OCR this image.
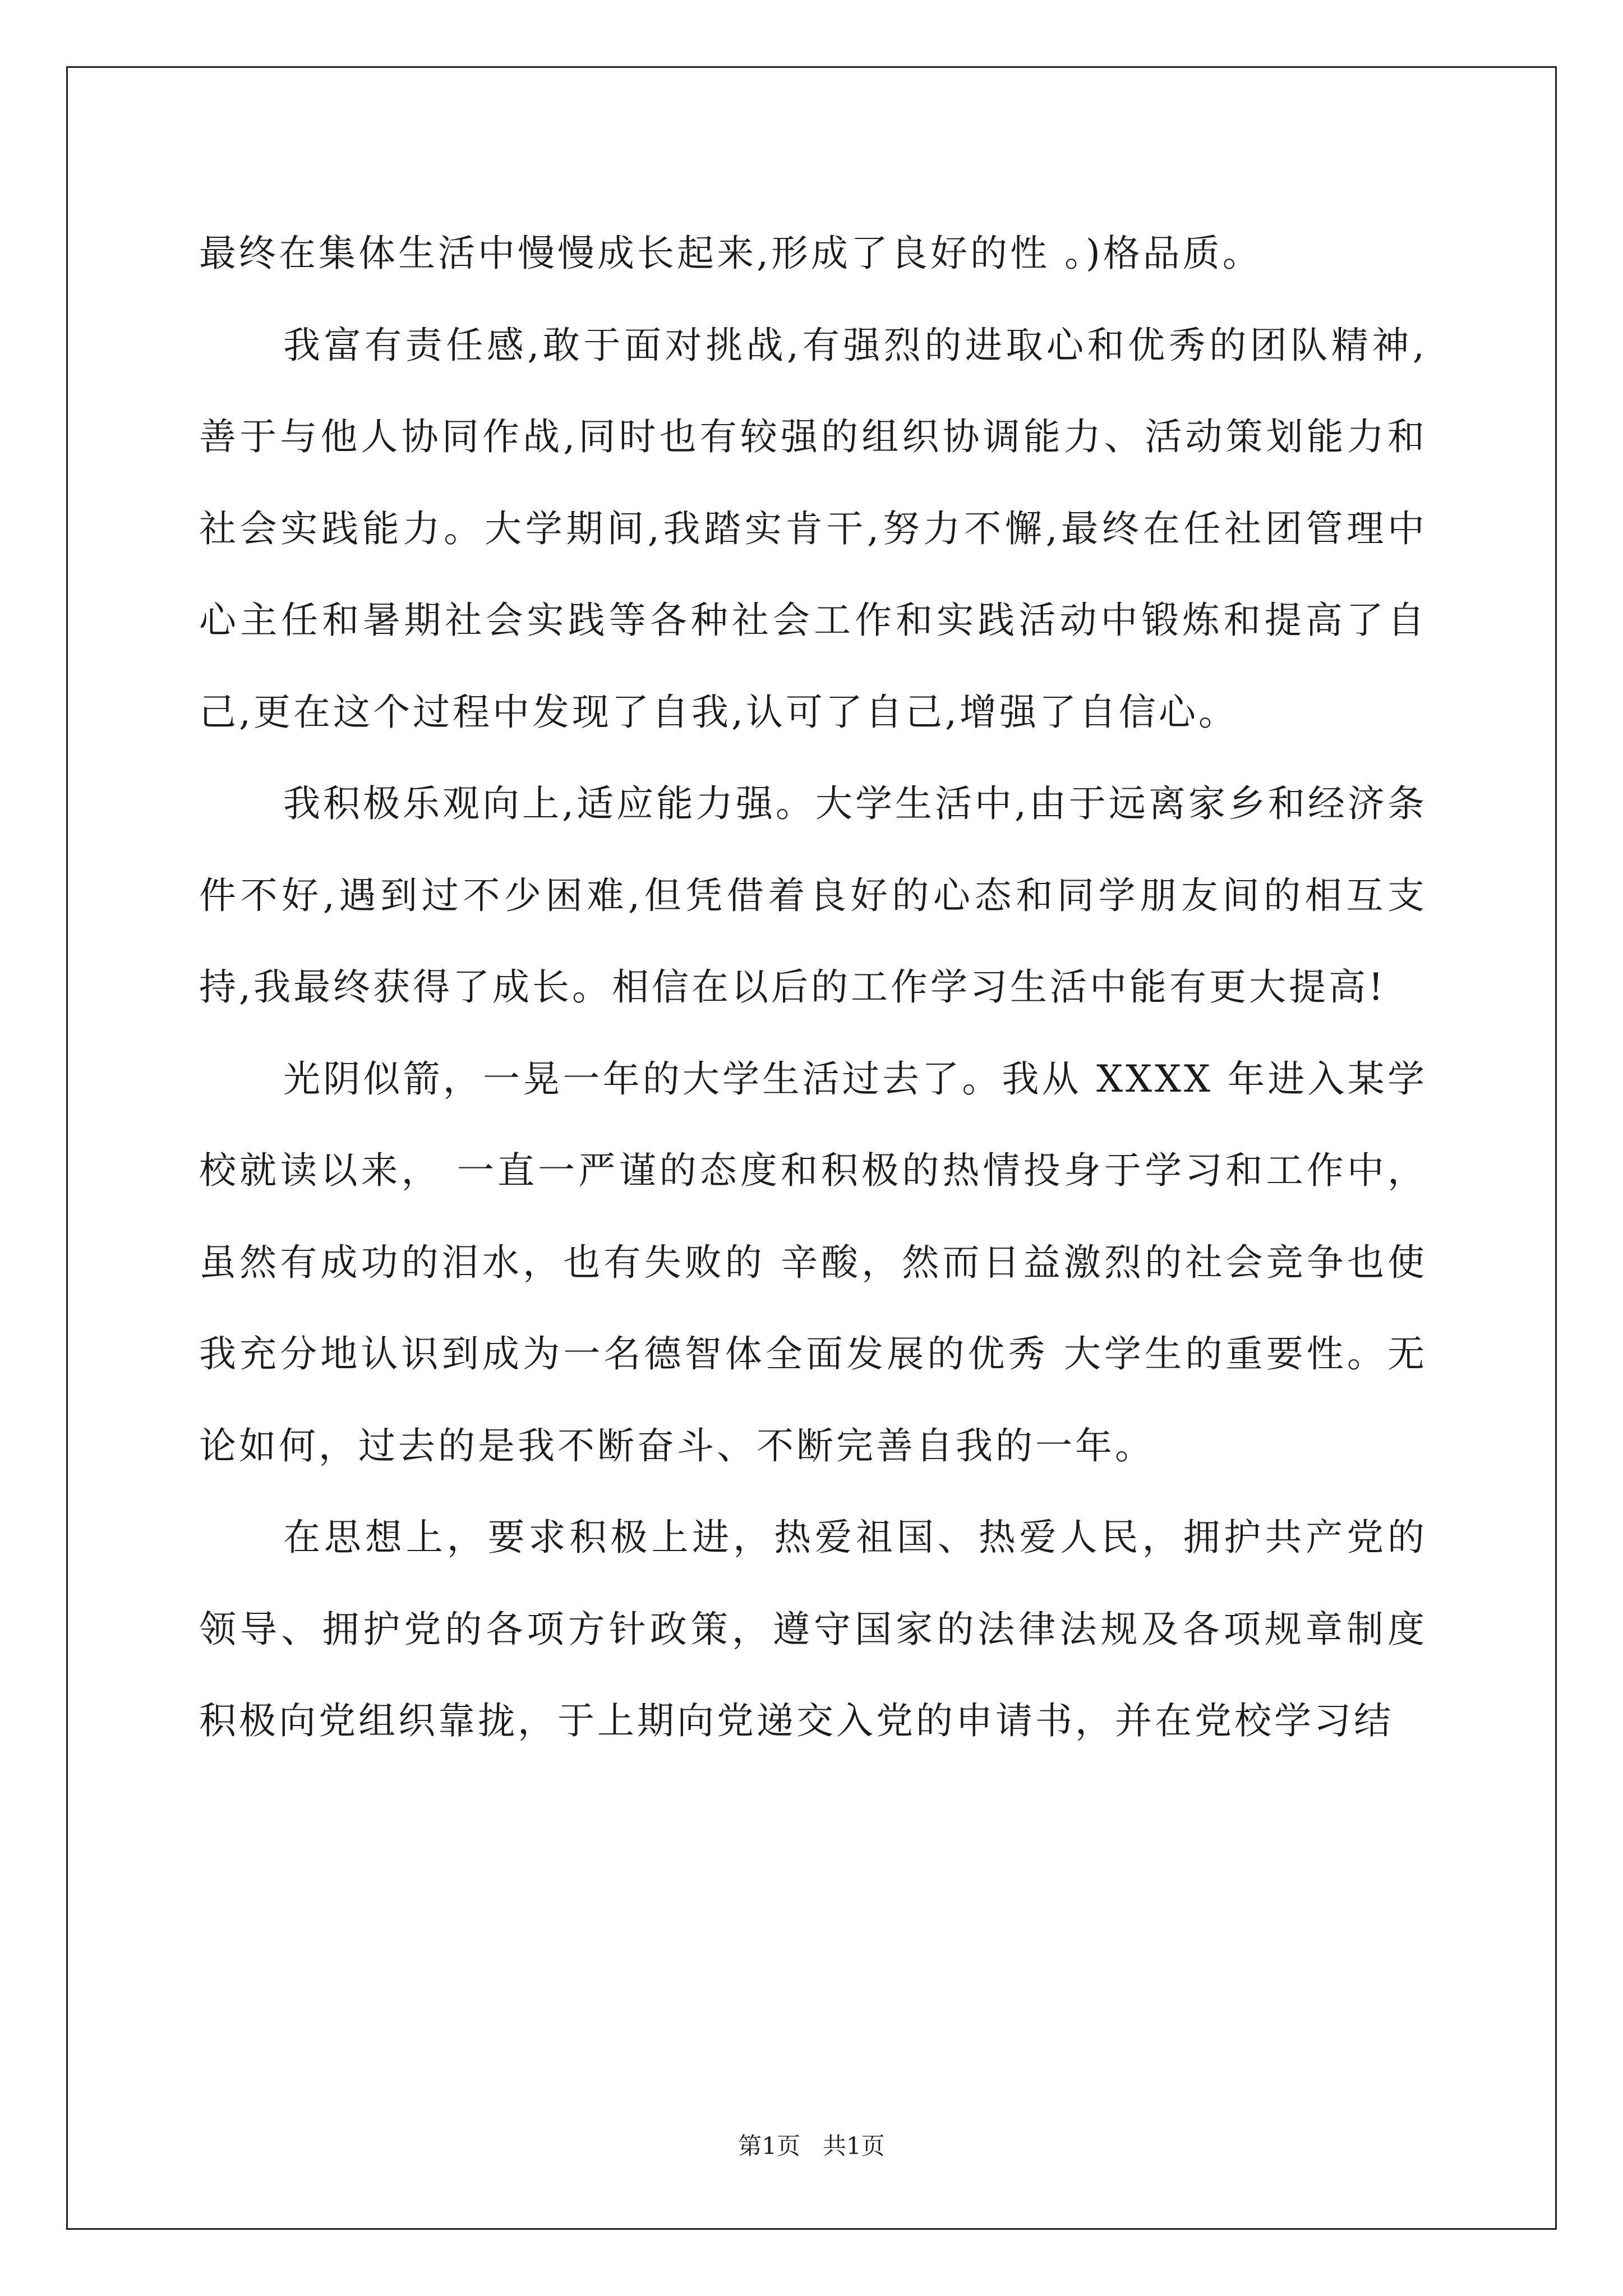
最终在集体生活中慢慢成长起来,形成了良好的性 。)格品质。

我富有责任感,敢于面对挑战,有强烈的进取心和优秀的团队精神,善于与他人协同作战,同时也有较强的组织协调能力、活动策划能力和社会实践能力。大学期间,我踏实肯干,努力不懈,最终在任社团管理中心主任和暑期社会实践等各种社会工作和实践活动中锻炼和提高了自己,更在这个过程中发现了自我,认可了自己,增强了自信心。

我积极乐观向上,适应能力强。大学生活中,由于远离家乡和经济条件不好,遇到过不少困难,但凭借着良好的心态和同学朋友间的相互支持,我最终获得了成长。相信在以后的工作学习生活中能有更大提高!

光阴似箭，一晃一年的大学生活过去了。我从 XXXX 年进入某学校就读以来， 一直一严谨的态度和积极的热情投身于学习和工作中，虽然有成功的泪水，也有失败的 辛酸，然而日益激烈的社会竞争也使我充分地认识到成为一名德智体全面发展的优秀 大学生的重要性。无论如何，过去的是我不断奋斗、不断完善自我的一年。

在思想上，要求积极上进，热爱祖国、热爱人民，拥护共产党的领导、拥护党的各项方针政策，遵守国家的法律法规及各项规章制度积极向党组织靠拢，于上期向党递交入党的申请书，并在党校学习结

第1页 共1页
